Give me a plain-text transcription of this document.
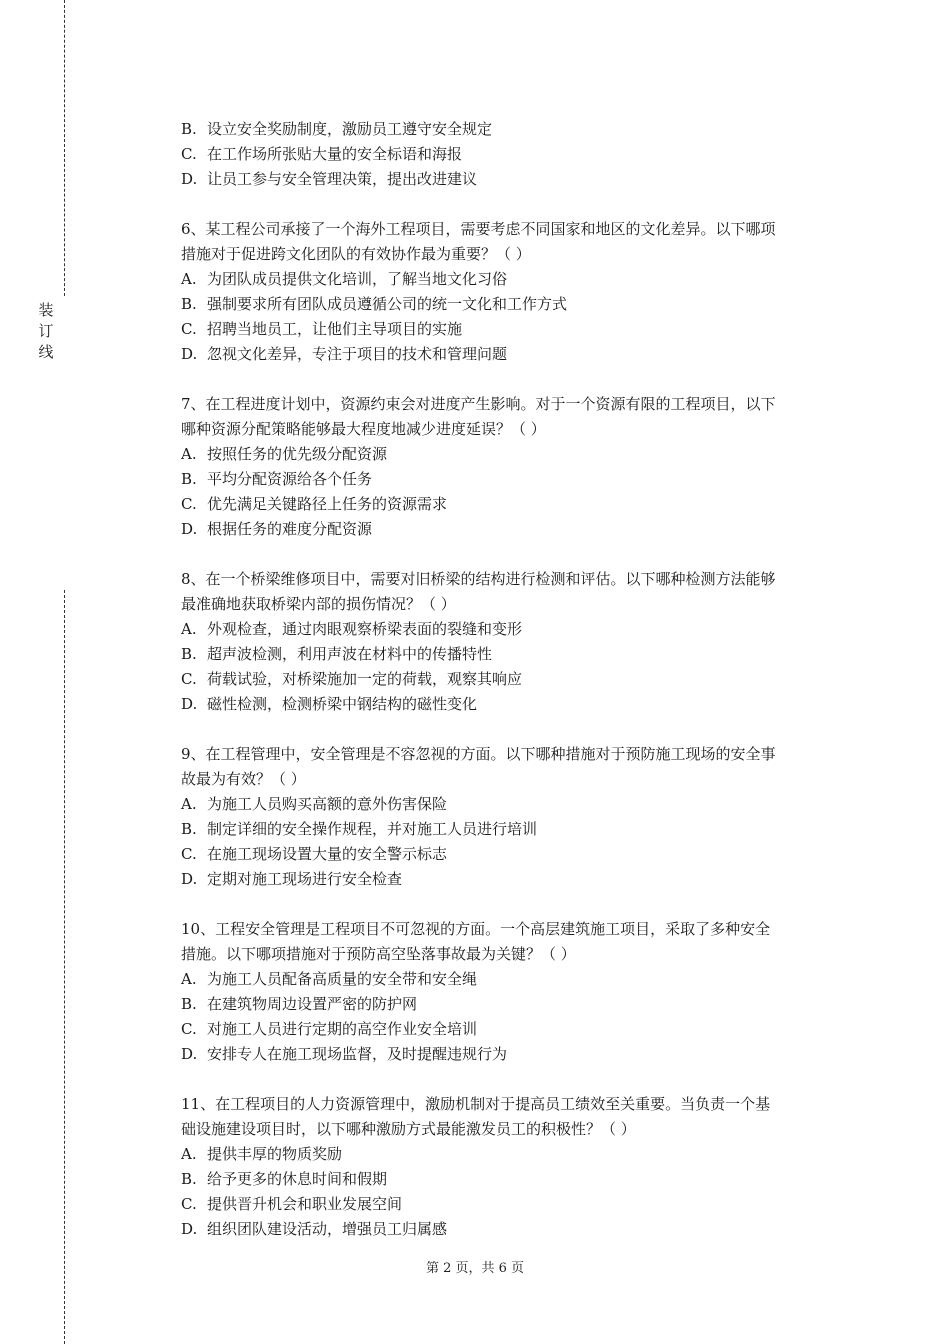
装
订
线
B. 设立安全奖励制度，激励员工遵守安全规定
C. 在工作场所张贴大量的安全标语和海报
D. 让员工参与安全管理决策，提出改进建议
6、某工程公司承接了一个海外工程项目，需要考虑不同国家和地区的文化差异。以下哪项
措施对于促进跨文化团队的有效协作最为重要？（ ）
A. 为团队成员提供文化培训，了解当地文化习俗
B. 强制要求所有团队成员遵循公司的统一文化和工作方式
C. 招聘当地员工，让他们主导项目的实施
D. 忽视文化差异，专注于项目的技术和管理问题
7、在工程进度计划中，资源约束会对进度产生影响。对于一个资源有限的工程项目，以下
哪种资源分配策略能够最大程度地减少进度延误？（ ）
A. 按照任务的优先级分配资源
B. 平均分配资源给各个任务
C. 优先满足关键路径上任务的资源需求
D. 根据任务的难度分配资源
8、在一个桥梁维修项目中，需要对旧桥梁的结构进行检测和评估。以下哪种检测方法能够
最准确地获取桥梁内部的损伤情况？（ ）
A. 外观检查，通过肉眼观察桥梁表面的裂缝和变形
B. 超声波检测，利用声波在材料中的传播特性
C. 荷载试验，对桥梁施加一定的荷载，观察其响应
D. 磁性检测，检测桥梁中钢结构的磁性变化
9、在工程管理中，安全管理是不容忽视的方面。以下哪种措施对于预防施工现场的安全事
故最为有效？（ ）
A. 为施工人员购买高额的意外伤害保险
B. 制定详细的安全操作规程，并对施工人员进行培训
C. 在施工现场设置大量的安全警示标志
D. 定期对施工现场进行安全检查
10、工程安全管理是工程项目不可忽视的方面。一个高层建筑施工项目，采取了多种安全
措施。以下哪项措施对于预防高空坠落事故最为关键？（ ）
A. 为施工人员配备高质量的安全带和安全绳
B. 在建筑物周边设置严密的防护网
C. 对施工人员进行定期的高空作业安全培训
D. 安排专人在施工现场监督，及时提醒违规行为
11、在工程项目的人力资源管理中，激励机制对于提高员工绩效至关重要。当负责一个基
础设施建设项目时，以下哪种激励方式最能激发员工的积极性？（ ）
A. 提供丰厚的物质奖励
B. 给予更多的休息时间和假期
C. 提供晋升机会和职业发展空间
D. 组织团队建设活动，增强员工归属感
第 2 页，共 6 页
